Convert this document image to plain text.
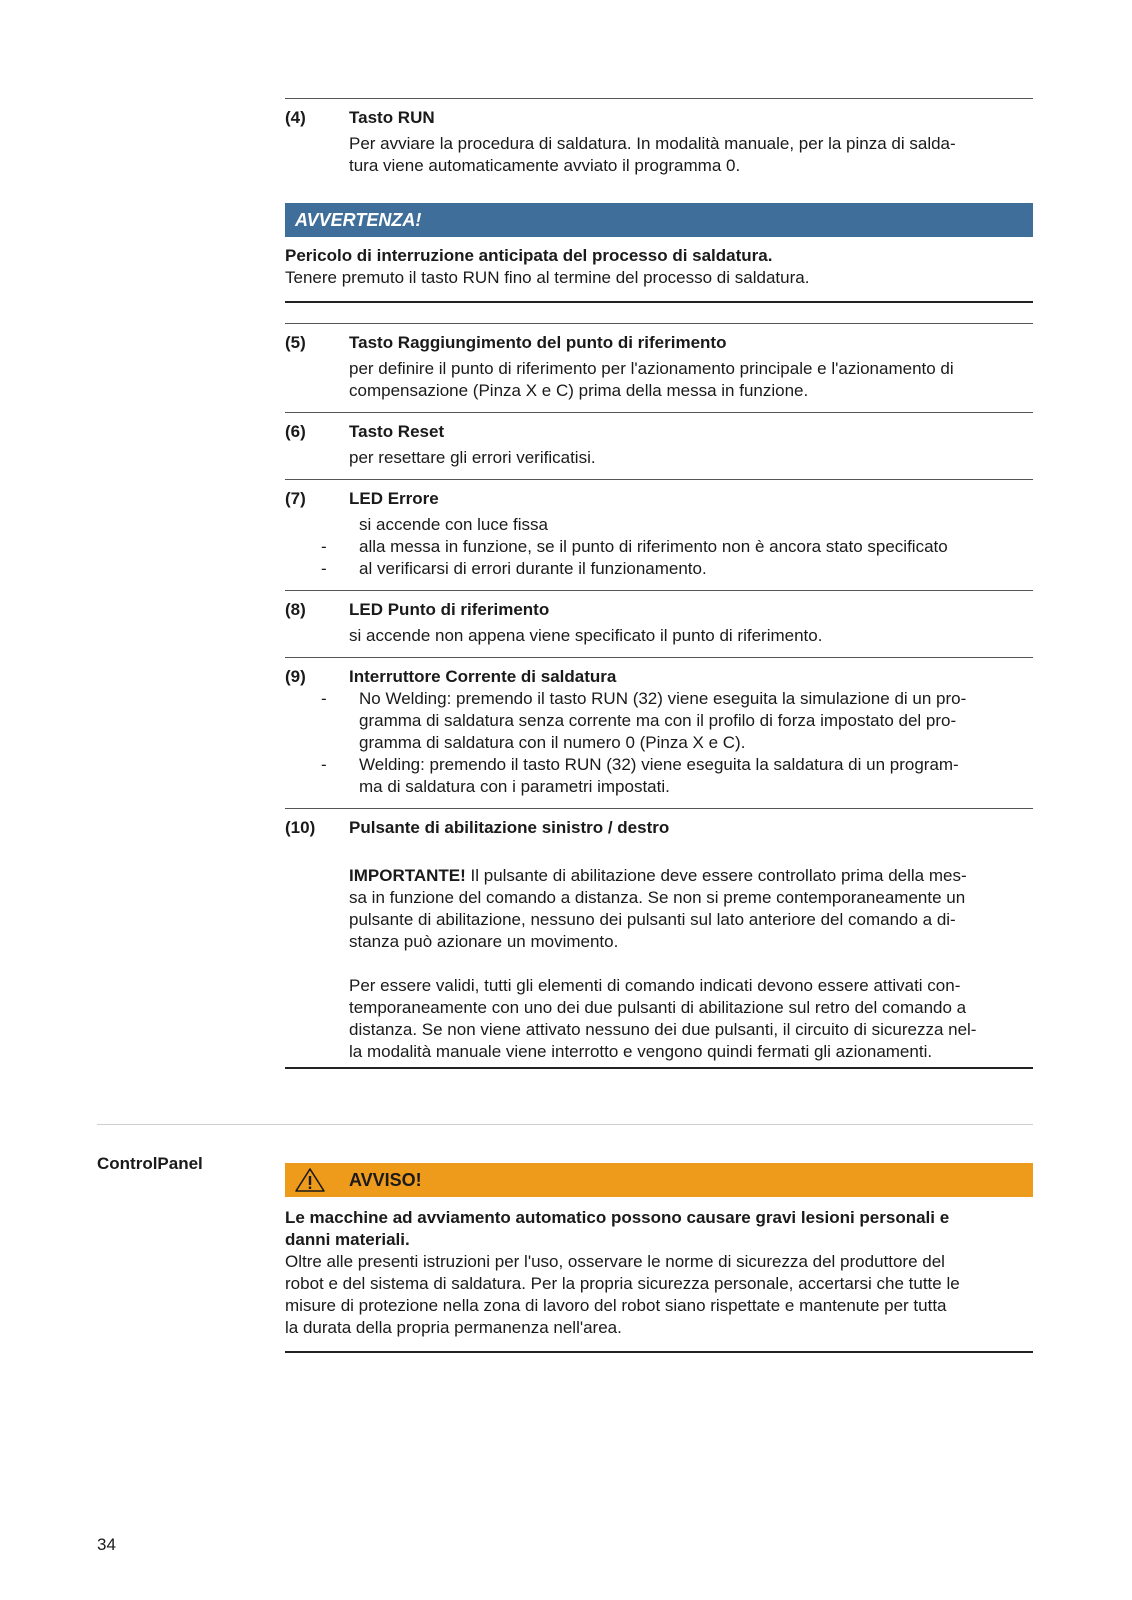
(4)	Tasto RUN

Per avviare la procedura di saldatura. In modalità manuale, per la pinza di salda-

tura viene automaticamente avviato il programma 0.

AVVERTENZA!
Pericolo di interruzione anticipata del processo di saldatura.
Tenere premuto il tasto RUN fino al termine del processo di saldatura.
(5)	Tasto Raggiungimento del punto di riferimento

per definire il punto di riferimento per l'azionamento principale e l'azionamento di

compensazione (Pinza X e C) prima della messa in funzione.

(6)	Tasto Reset

per resettare gli errori verificatisi.

(7)	LED Errore
si accende con luce fissa
- alla messa in funzione, se il punto di riferimento non è ancora stato specificato
- al verificarsi di errori durante il funzionamento.
(8)	LED Punto di riferimento

si accende non appena viene specificato il punto di riferimento.

(9)	Interruttore Corrente di saldatura
- No Welding: premendo il tasto RUN (32) viene eseguita la simulazione di un pro-
gramma di saldatura senza corrente ma con il profilo di forza impostato del pro-
gramma di saldatura con il numero 0 (Pinza X e C).
- Welding: premendo il tasto RUN (32) viene eseguita la saldatura di un program-
ma di saldatura con i parametri impostati.
(10) Pulsante di abilitazione sinistro / destro
IMPORTANTE! Il pulsante di abilitazione deve essere controllato prima della mes-
sa in funzione del comando a distanza. Se non si preme contemporaneamente un
pulsante di abilitazione, nessuno dei pulsanti sul lato anteriore del comando a di-
stanza può azionare un movimento.
Per essere validi, tutti gli elementi di comando indicati devono essere attivati con-
temporaneamente con uno dei due pulsanti di abilitazione sul retro del comando a
distanza. Se non viene attivato nessuno dei due pulsanti, il circuito di sicurezza nel-
la modalità manuale viene interrotto e vengono quindi fermati gli azionamenti.
ControlPanel
AVVISO!
Le macchine ad avviamento automatico possono causare gravi lesioni personali e
danni materiali.
Oltre alle presenti istruzioni per l'uso, osservare le norme di sicurezza del produttore del
robot e del sistema di saldatura. Per la propria sicurezza personale, accertarsi che tutte le
misure di protezione nella zona di lavoro del robot siano rispettate e mantenute per tutta
la durata della propria permanenza nell'area.
34
